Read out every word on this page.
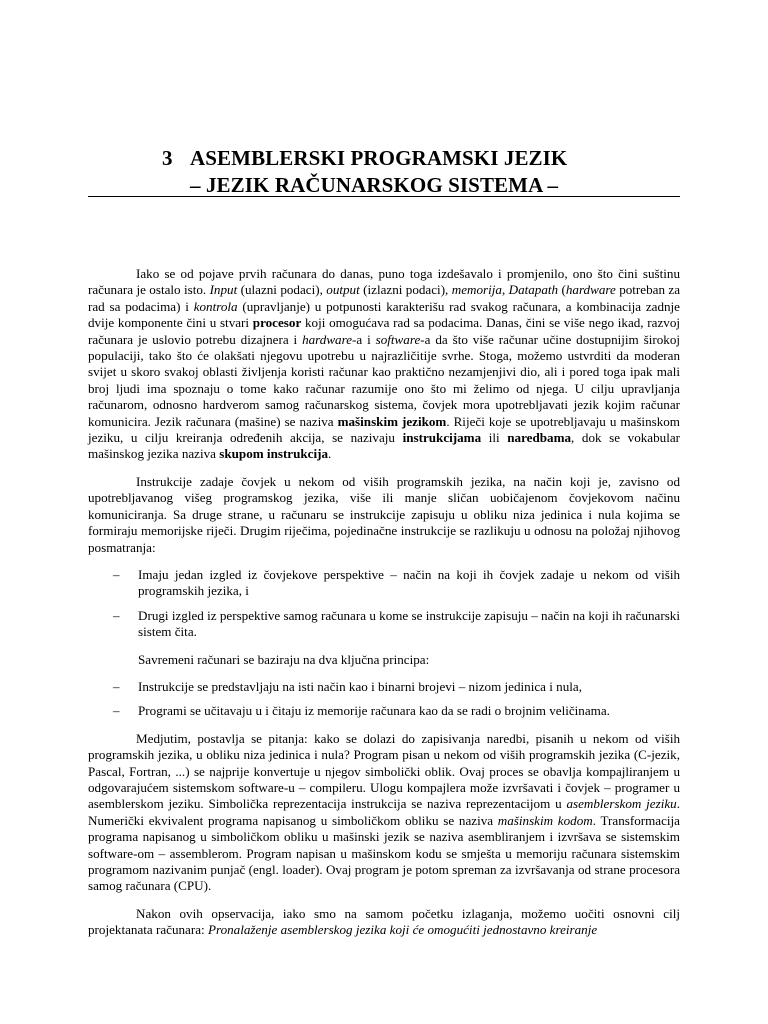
3 ASEMBLERSKI PROGRAMSKI JEZIK
– JEZIK RAČUNARSKOG SISTEMA –

Iako se od pojave prvih računara do danas, puno toga izdešavalo i promjenilo, ono što čini suštinu računara je ostalo isto. Input (ulazni podaci), output (izlazni podaci), memorija, Datapath (hardware potreban za rad sa podacima) i kontrola (upravljanje) u potpunosti karakterišu rad svakog računara, a kombinacija zadnje dvije komponente čini u stvari procesor koji omogućava rad sa podacima. Danas, čini se više nego ikad, razvoj računara je uslovio potrebu dizajnera i hardware-a i software-a da što više računar učine dostupnijim širokoj populaciji, tako što će olakšati njegovu upotrebu u najrazličitije svrhe. Stoga, možemo ustvrditi da moderan svijet u skoro svakoj oblasti življenja koristi računar kao praktično nezamjenjivi dio, ali i pored toga ipak mali broj ljudi ima spoznaju o tome kako računar razumije ono što mi želimo od njega. U cilju upravljanja računarom, odnosno hardverom samog računarskog sistema, čovjek mora upotrebljavati jezik kojim računar komunicira. Jezik računara (mašine) se naziva mašinskim jezikom. Riječi koje se upotrebljavaju u mašinskom jeziku, u cilju kreiranja određenih akcija, se nazivaju instrukcijama ili naredbama, dok se vokabular mašinskog jezika naziva skupom instrukcija.

Instrukcije zadaje čovjek u nekom od viših programskih jezika, na način koji je, zavisno od upotrebljavanog višeg programskog jezika, više ili manje sličan uobičajenom čovjekovom načinu komuniciranja. Sa druge strane, u računaru se instrukcije zapisuju u obliku niza jedinica i nula kojima se formiraju memorijske riječi. Drugim riječima, pojedinačne instrukcije se razlikuju u odnosu na položaj njihovog posmatranja:

– Imaju jedan izgled iz čovjekove perspektive – način na koji ih čovjek zadaje u nekom od viših programskih jezika, i
– Drugi izgled iz perspektive samog računara u kome se instrukcije zapisuju – način na koji ih računarski sistem čita.

Savremeni računari se baziraju na dva ključna principa:

– Instrukcije se predstavljaju na isti način kao i binarni brojevi – nizom jedinica i nula,
– Programi se učitavaju u i čitaju iz memorije računara kao da se radi o brojnim veličinama.

Medjutim, postavlja se pitanja: kako se dolazi do zapisivanja naredbi, pisanih u nekom od viših programskih jezika, u obliku niza jedinica i nula? Program pisan u nekom od viših programskih jezika (C-jezik, Pascal, Fortran, ...) se najprije konvertuje u njegov simbolički oblik. Ovaj proces se obavlja kompajliranjem u odgovarajućem sistemskom software-u – compileru. Ulogu kompajlera može izvršavati i čovjek – programer u asemblerskom jeziku. Simbolička reprezentacija instrukcija se naziva reprezentacijom u asemblerskom jeziku. Numerički ekvivalent programa napisanog u simboličkom obliku se naziva mašinskim kodom. Transformacija programa napisanog u simboličkom obliku u mašinski jezik se naziva asembliranjem i izvršava se sistemskim software-om – assemblerom. Program napisan u mašinskom kodu se smješta u memoriju računara sistemskim programom nazivanim punjač (engl. loader). Ovaj program je potom spreman za izvršavanja od strane procesora samog računara (CPU).

Nakon ovih opservacija, iako smo na samom početku izlaganja, možemo uočiti osnovni cilj projektanata računara: Pronalaženje asemblerskog jezika koji će omogućiti jednostavno kreiranje
